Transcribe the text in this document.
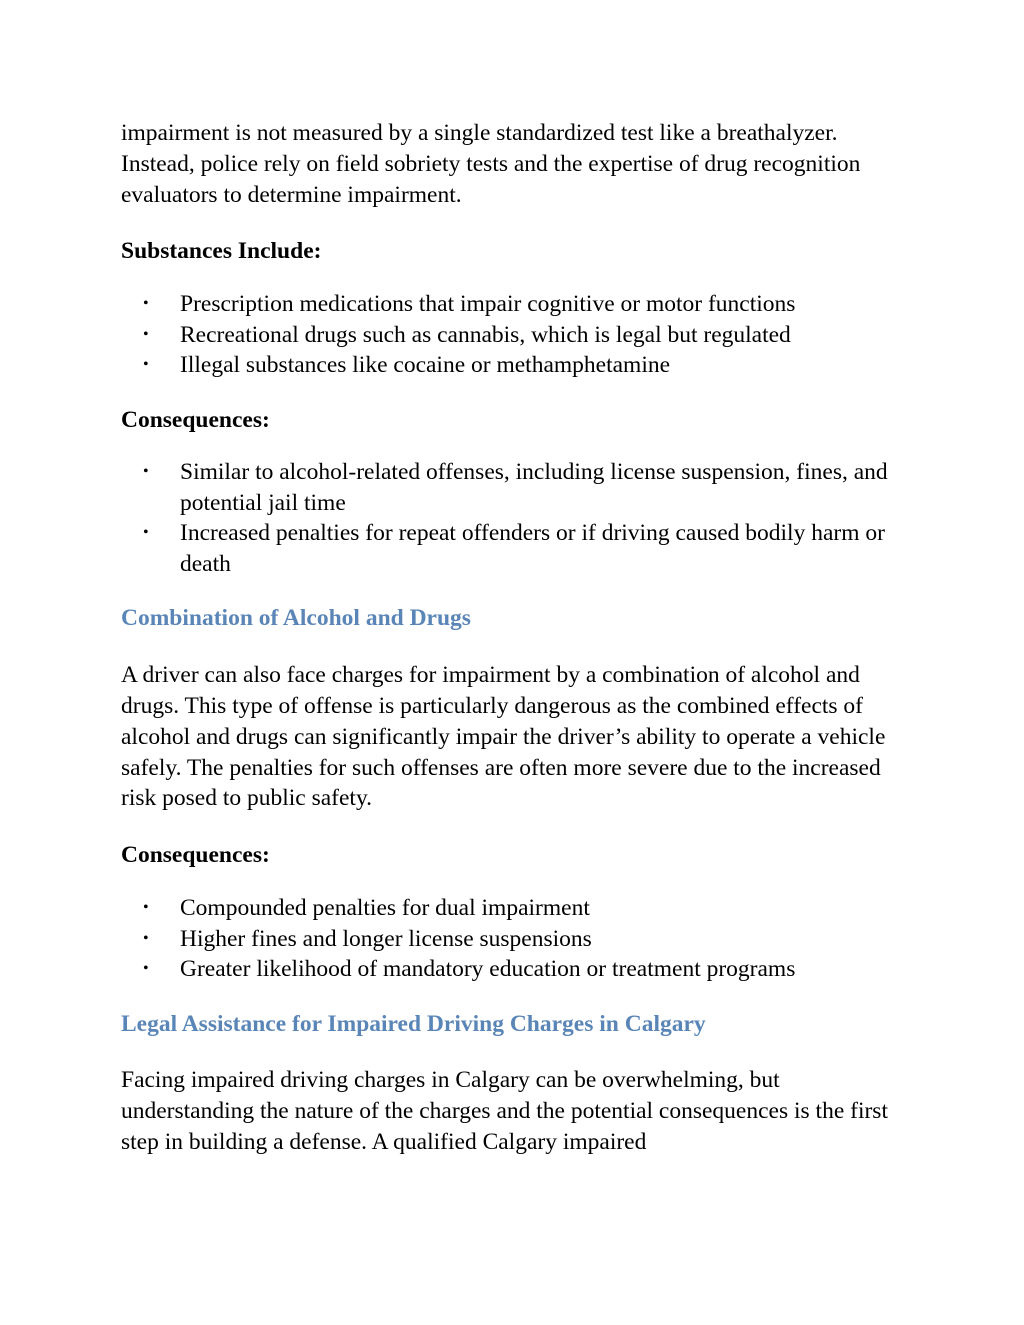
impairment is not measured by a single standardized test like a breathalyzer. Instead, police rely on field sobriety tests and the expertise of drug recognition evaluators to determine impairment.

Substances Include:
• Prescription medications that impair cognitive or motor functions
• Recreational drugs such as cannabis, which is legal but regulated
• Illegal substances like cocaine or methamphetamine
Consequences:
• Similar to alcohol-related offenses, including license suspension, fines, and potential jail time
• Increased penalties for repeat offenders or if driving caused bodily harm or death
Combination of Alcohol and Drugs

A driver can also face charges for impairment by a combination of alcohol and drugs. This type of offense is particularly dangerous as the combined effects of alcohol and drugs can significantly impair the driver’s ability to operate a vehicle safely. The penalties for such offenses are often more severe due to the increased risk posed to public safety.

Consequences:
• Compounded penalties for dual impairment
• Higher fines and longer license suspensions
• Greater likelihood of mandatory education or treatment programs
Legal Assistance for Impaired Driving Charges in Calgary

Facing impaired driving charges in Calgary can be overwhelming, but understanding the nature of the charges and the potential consequences is the first step in building a defense. A qualified Calgary impaired
